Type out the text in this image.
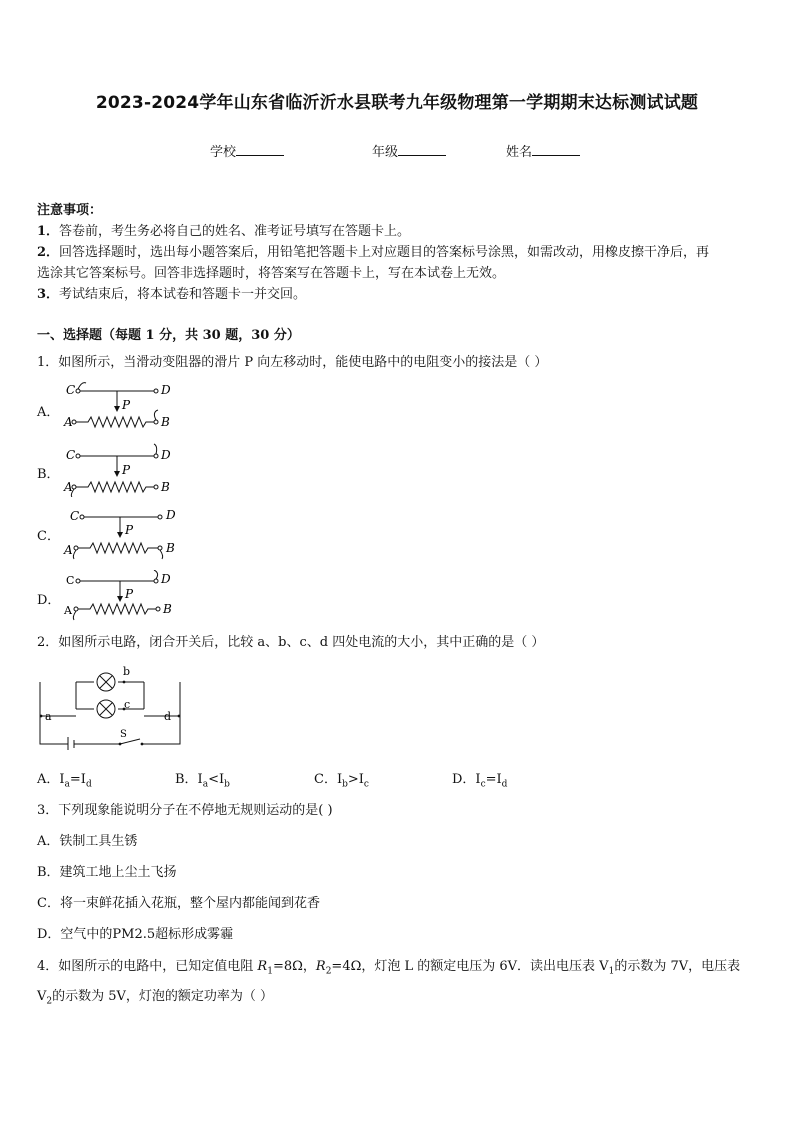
2023-2024学年山东省临沂沂水县联考九年级物理第一学期期末达标测试试题
学校	年级	姓名
注意事项：
1．答卷前，考生务必将自己的姓名、准考证号填写在答题卡上。
2．回答选择题时，选出每小题答案后，用铅笔把答题卡上对应题目的答案标号涂黑，如需改动，用橡皮擦干净后，再
选涂其它答案标号。回答非选择题时，将答案写在答题卡上，写在本试卷上无效。
3．考试结束后，将本试卷和答题卡一并交回。
一、选择题（每题 1 分，共 30 题，30 分）
1．如图所示，当滑动变阻器的滑片 P 向左移动时，能使电路中的电阻变小的接法是（ ）
A．
B．
C．
D．
C	D
P
A	B
C	D
P
A	B
C	D
P
A	B
C	D
P
A	B
2．如图所示电路，闭合开关后，比较 a、b、c、d 四处电流的大小，其中正确的是（ ）
b
c
a	d
S
A．$I_a=I_d$	B．$I_a<I_b$	C．$I_b>I_c$	D．$I_c=I_d$
3．下列现象能说明分子在不停地无规则运动的是( )
A．铁制工具生锈
B．建筑工地上尘土飞扬
C．将一束鲜花插入花瓶，整个屋内都能闻到花香
D．空气中的PM2.5超标形成雾霾
4．如图所示的电路中，已知定值电阻 $R_1=8\Omega$，$R_2=4\Omega$，灯泡 L 的额定电压为 6V．读出电压表 $V_1$的示数为 7V，电压表
$V_2$的示数为 5V，灯泡的额定功率为（ ）
